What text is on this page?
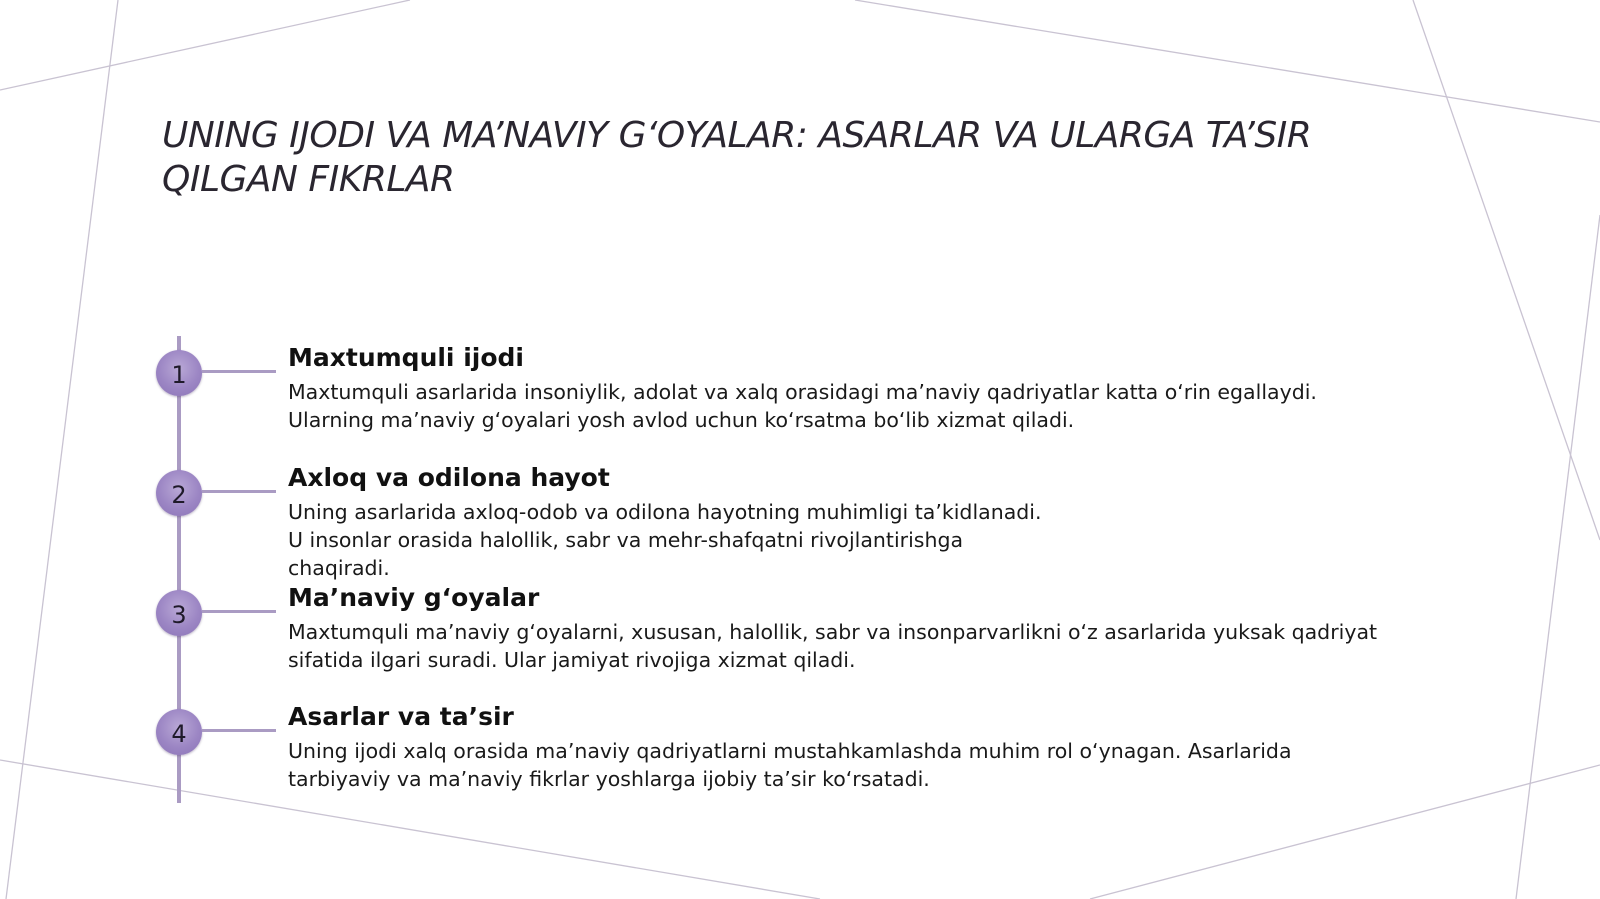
UNING IJODI VA MA’NAVIY G‘OYALAR: ASARLAR VA ULARGA TA’SIR QILGAN FIKRLAR
1
Maxtumquli ijodi

Maxtumquli asarlarida insoniylik, adolat va xalq orasidagi ma’naviy qadriyatlar katta o‘rin egallaydi.
Ularning ma’naviy g‘oyalari yosh avlod uchun ko‘rsatma bo‘lib xizmat qiladi.

2
Axloq va odilona hayot

Uning asarlarida axloq-odob va odilona hayotning muhimligi ta’kidlanadi.
U insonlar orasida halollik, sabr va mehr-shafqatni rivojlantirishga
chaqiradi.

3
Ma’naviy g‘oyalar

Maxtumquli ma’naviy g‘oyalarni, xususan, halollik, sabr va insonparvarlikni o‘z asarlarida yuksak qadriyat
sifatida ilgari suradi. Ular jamiyat rivojiga xizmat qiladi.

4
Asarlar va ta’sir

Uning ijodi xalq orasida ma’naviy qadriyatlarni mustahkamlashda muhim rol o‘ynagan. Asarlarida
tarbiyaviy va ma’naviy fikrlar yoshlarga ijobiy ta’sir ko‘rsatadi.
